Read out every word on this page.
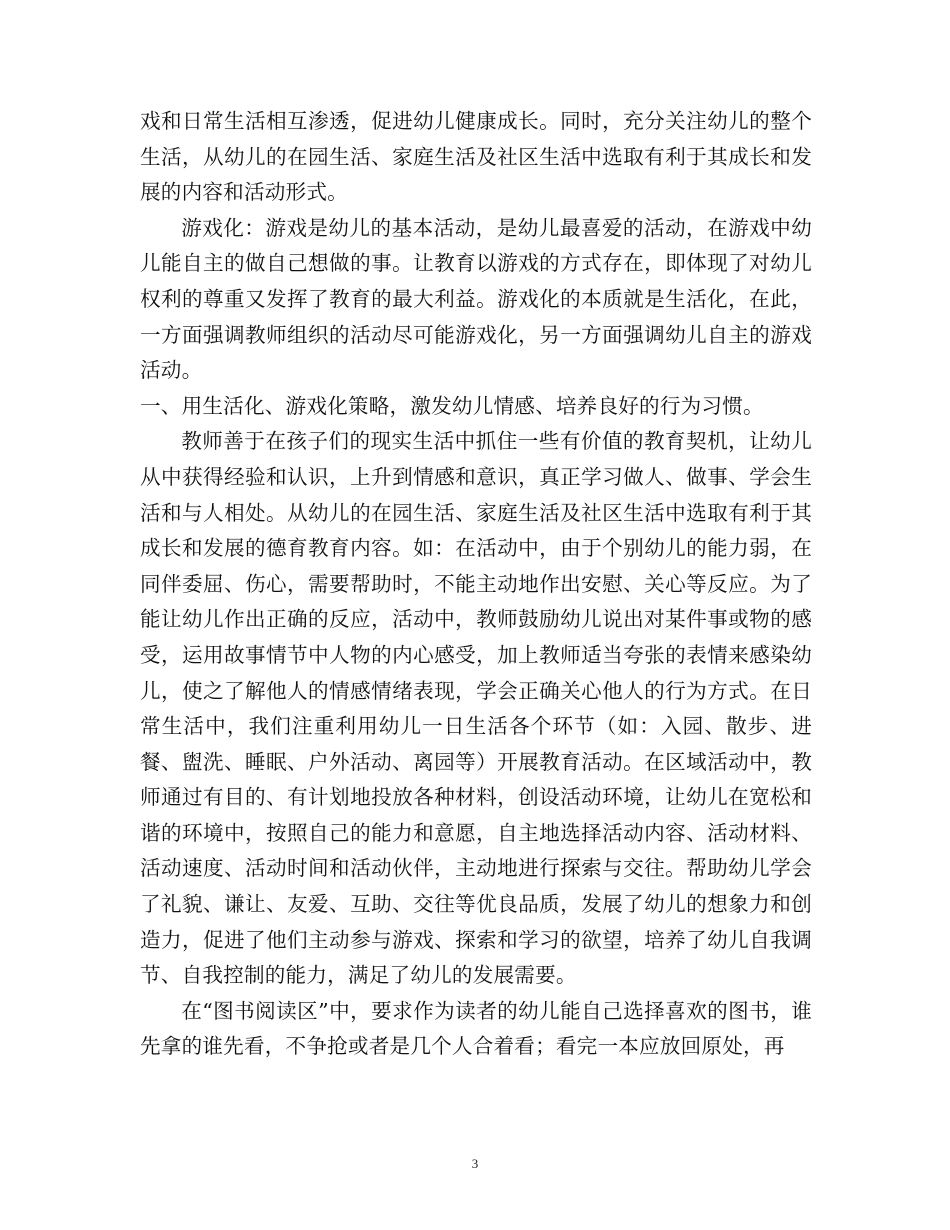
戏和日常生活相互渗透，促进幼儿健康成长。同时，充分关注幼儿的整个生活，从幼儿的在园生活、家庭生活及社区生活中选取有利于其成长和发展的内容和活动形式。

游戏化：游戏是幼儿的基本活动，是幼儿最喜爱的活动，在游戏中幼儿能自主的做自己想做的事。让教育以游戏的方式存在，即体现了对幼儿权利的尊重又发挥了教育的最大利益。游戏化的本质就是生活化，在此，一方面强调教师组织的活动尽可能游戏化，另一方面强调幼儿自主的游戏活动。

一、用生活化、游戏化策略，激发幼儿情感、培养良好的行为习惯。

教师善于在孩子们的现实生活中抓住一些有价值的教育契机，让幼儿从中获得经验和认识，上升到情感和意识，真正学习做人、做事、学会生活和与人相处。从幼儿的在园生活、家庭生活及社区生活中选取有利于其成长和发展的德育教育内容。如：在活动中，由于个别幼儿的能力弱，在同伴委屈、伤心，需要帮助时，不能主动地作出安慰、关心等反应。为了能让幼儿作出正确的反应，活动中，教师鼓励幼儿说出对某件事或物的感受，运用故事情节中人物的内心感受，加上教师适当夸张的表情来感染幼儿，使之了解他人的情感情绪表现，学会正确关心他人的行为方式。在日常生活中，我们注重利用幼儿一日生活各个环节（如：入园、散步、进餐、盥洗、睡眠、户外活动、离园等）开展教育活动。在区域活动中，教师通过有目的、有计划地投放各种材料，创设活动环境，让幼儿在宽松和谐的环境中，按照自己的能力和意愿，自主地选择活动内容、活动材料、活动速度、活动时间和活动伙伴，主动地进行探索与交往。帮助幼儿学会了礼貌、谦让、友爱、互助、交往等优良品质，发展了幼儿的想象力和创造力，促进了他们主动参与游戏、探索和学习的欲望，培养了幼儿自我调节、自我控制的能力，满足了幼儿的发展需要。

在“图书阅读区”中，要求作为读者的幼儿能自己选择喜欢的图书，谁先拿的谁先看，不争抢或者是几个人合着看；看完一本应放回原处，再

3
